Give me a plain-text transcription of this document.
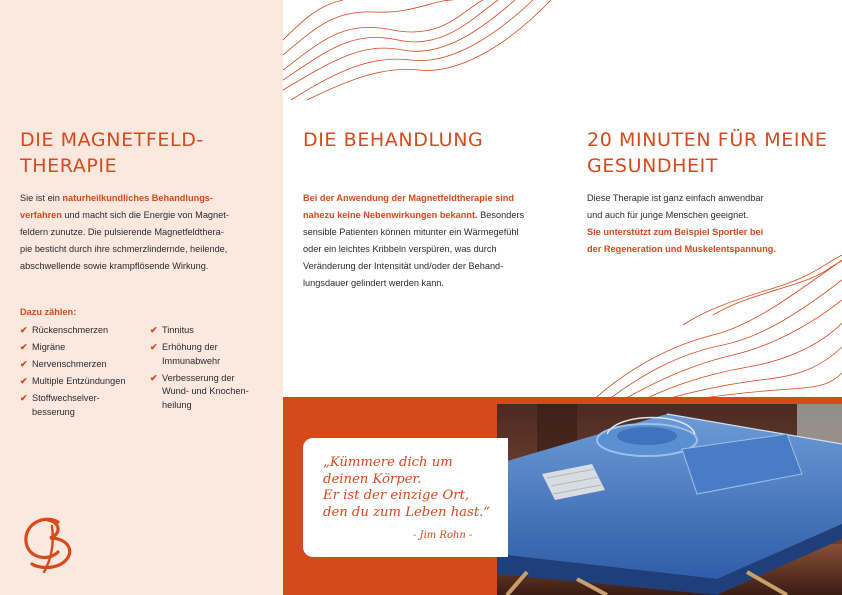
DIE MAGNETFELD-
THERAPIE

Sie ist ein naturheilkundliches Behandlungs-
verfahren und macht sich die Energie von Magnet-
feldern zunutze. Die pulsierende Magnetfeldthera-
pie besticht durch ihre schmerzlindernde, heilende,
abschwellende sowie krampflösende Wirkung.

Dazu zählen:
✔ Rückenschmerzen
✔ Migräne
✔ Nervenschmerzen
✔ Multiple Entzündungen
✔ Stoffwechselver-
besserung
✔ Tinnitus
✔ Erhöhung der
Immunabwehr
✔ Verbesserung der
Wund- und Knochen-
heilung
DIE BEHANDLUNG

Bei der Anwendung der Magnetfeldtherapie sind
nahezu keine Nebenwirkungen bekannt. Besonders
sensible Patienten können mitunter ein Wärmegefühl
oder ein leichtes Kribbeln verspüren, was durch
Veränderung der Intensität und/oder der Behand-
lungsdauer gelindert werden kann.

20 MINUTEN FÜR MEINE
GESUNDHEIT

Diese Therapie ist ganz einfach anwendbar
und auch für junge Menschen geeignet.
Sie unterstützt zum Beispiel Sportler bei
der Regeneration und Muskelentspannung.

„Kümmere dich um
deinen Körper.
Er ist der einzige Ort,
den du zum Leben hast.“
- Jim Rohn -
